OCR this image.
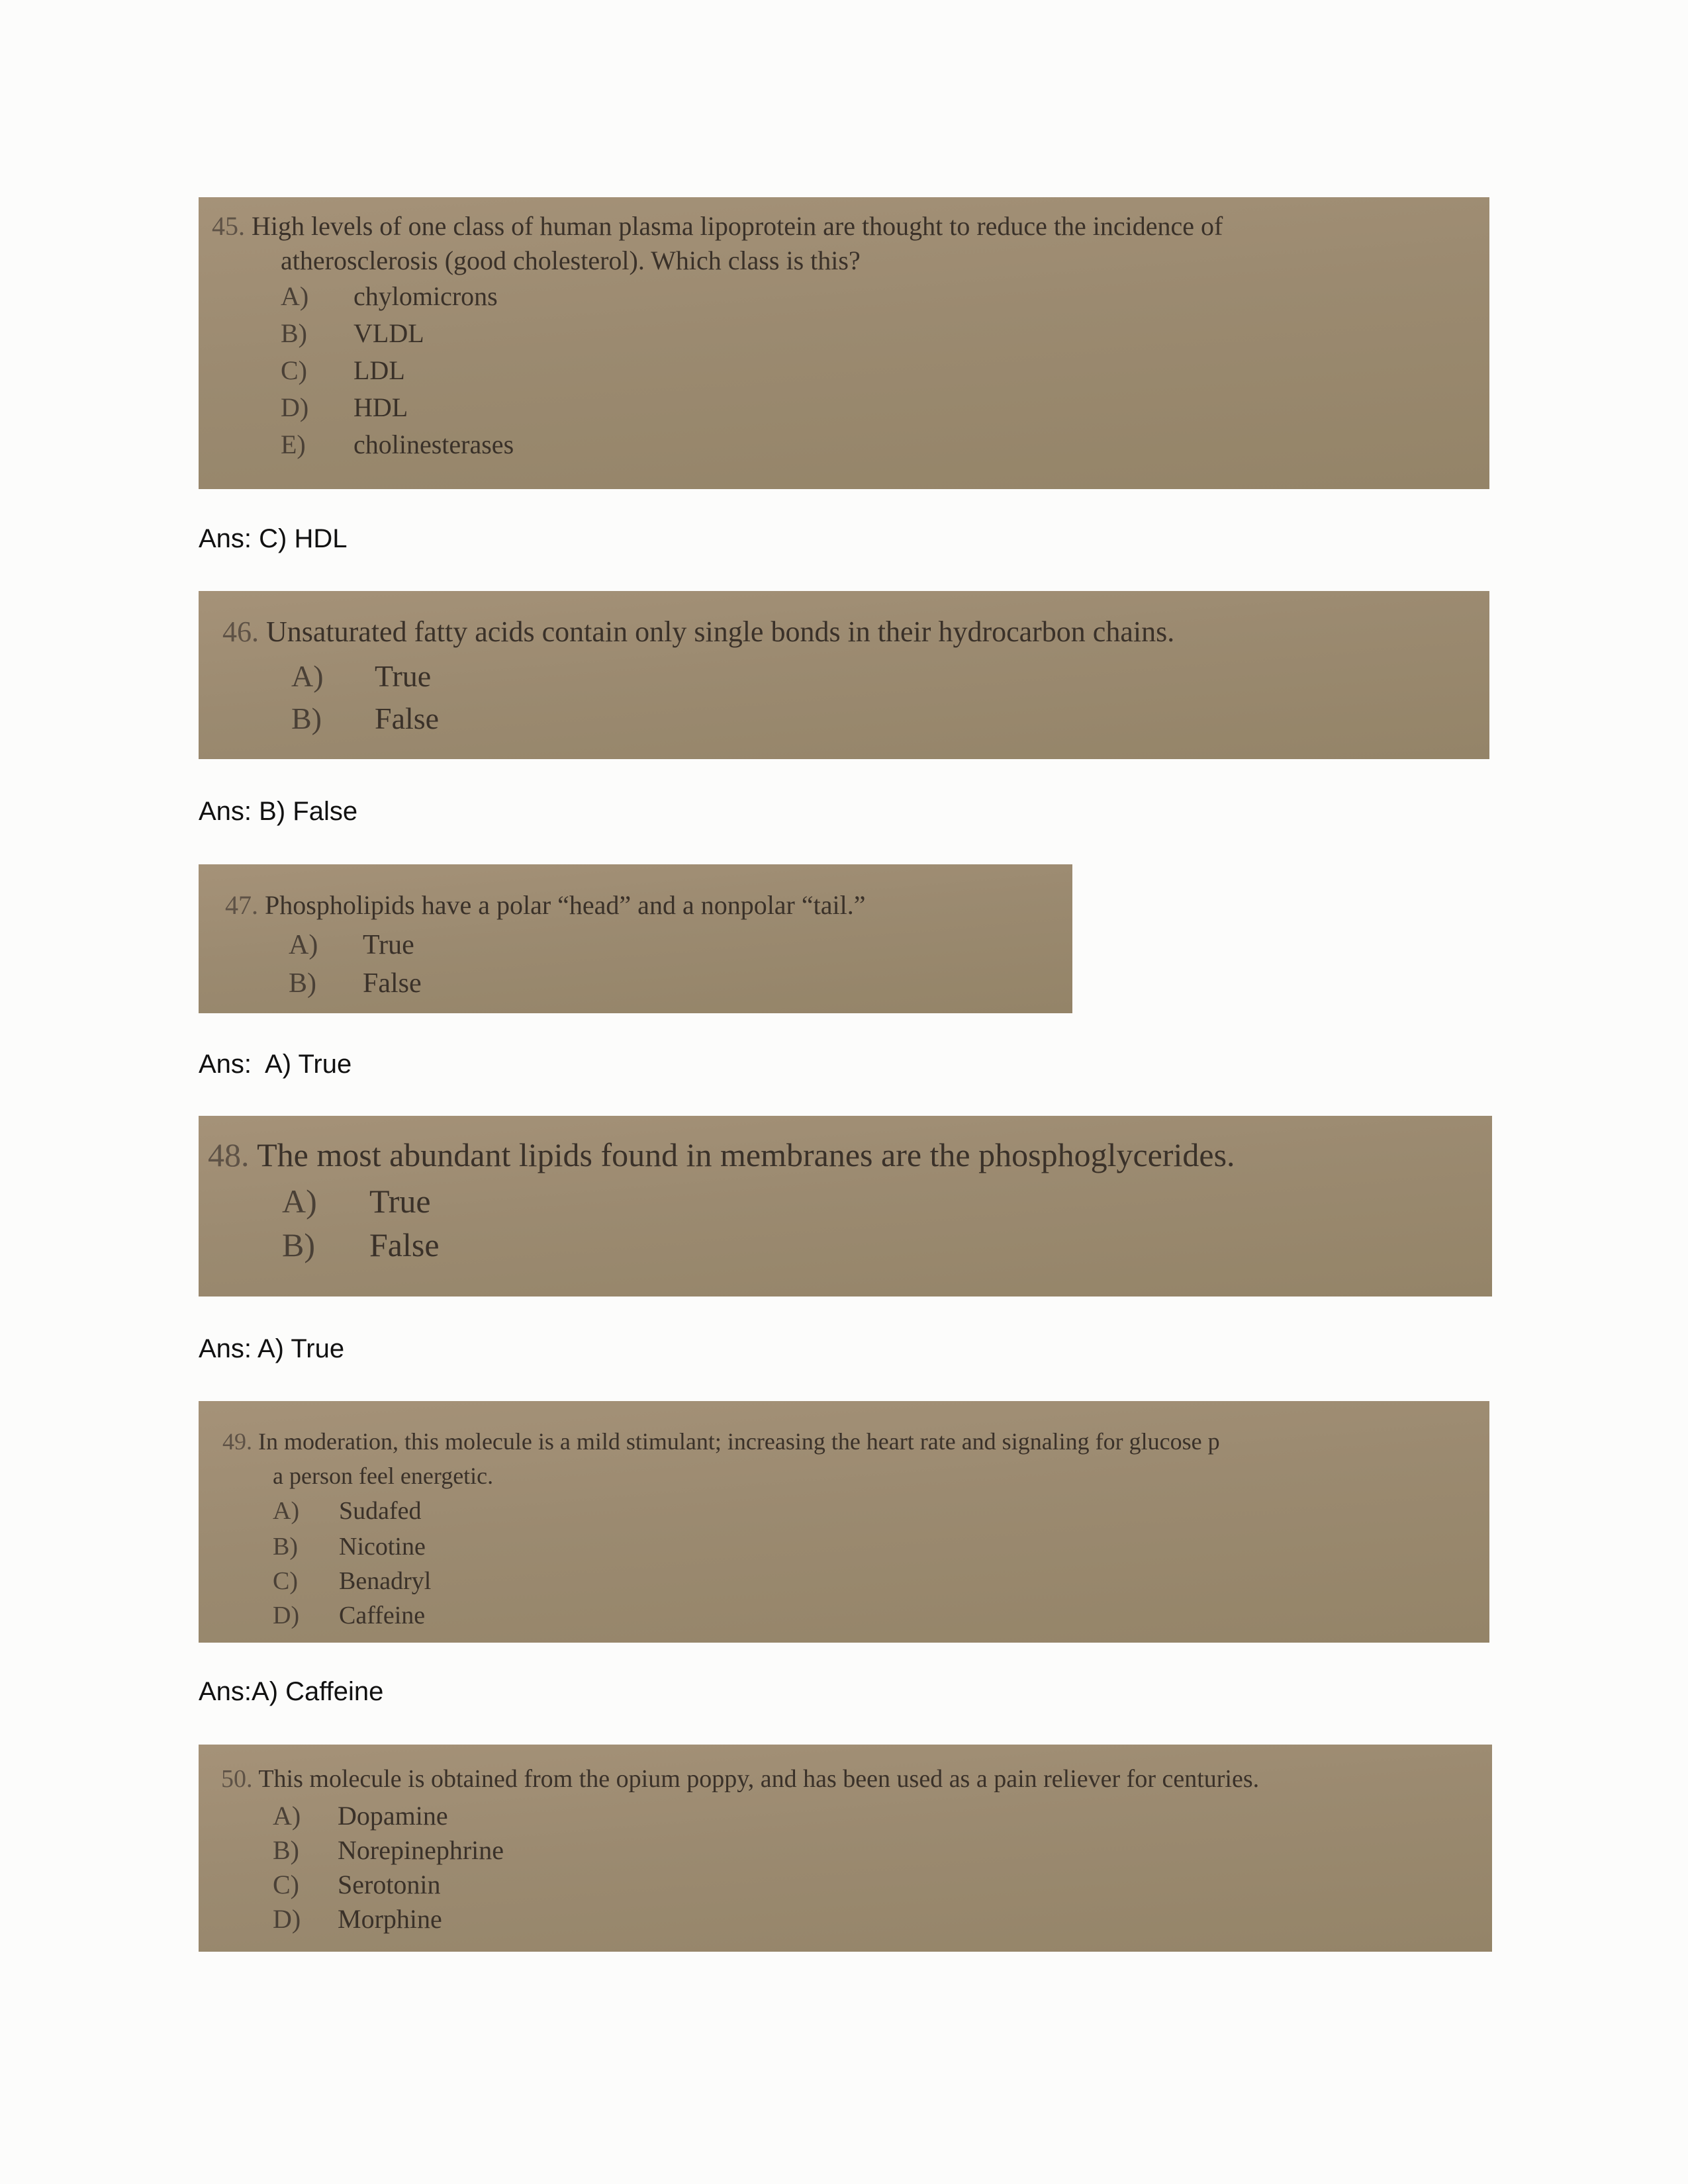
45. High levels of one class of human plasma lipoprotein are thought to reduce the incidence of
atherosclerosis (good cholesterol). Which class is this?
A) chylomicrons
B) VLDL
C) LDL
D) HDL
E) cholinesterases
Ans: C) HDL
46. Unsaturated fatty acids contain only single bonds in their hydrocarbon chains.
A) True
B) False
Ans: B) False
47. Phospholipids have a polar “head” and a nonpolar “tail.”
A) True
B) False
Ans:  A) True
48. The most abundant lipids found in membranes are the phosphoglycerides.
A) True
B) False
Ans: A) True
49. In moderation, this molecule is a mild stimulant; increasing the heart rate and signaling for glucose p
a person feel energetic.
A) Sudafed
B) Nicotine
C) Benadryl
D) Caffeine
Ans:A) Caffeine
50. This molecule is obtained from the opium poppy, and has been used as a pain reliever for centuries.
A) Dopamine
B) Norepinephrine
C) Serotonin
D) Morphine
